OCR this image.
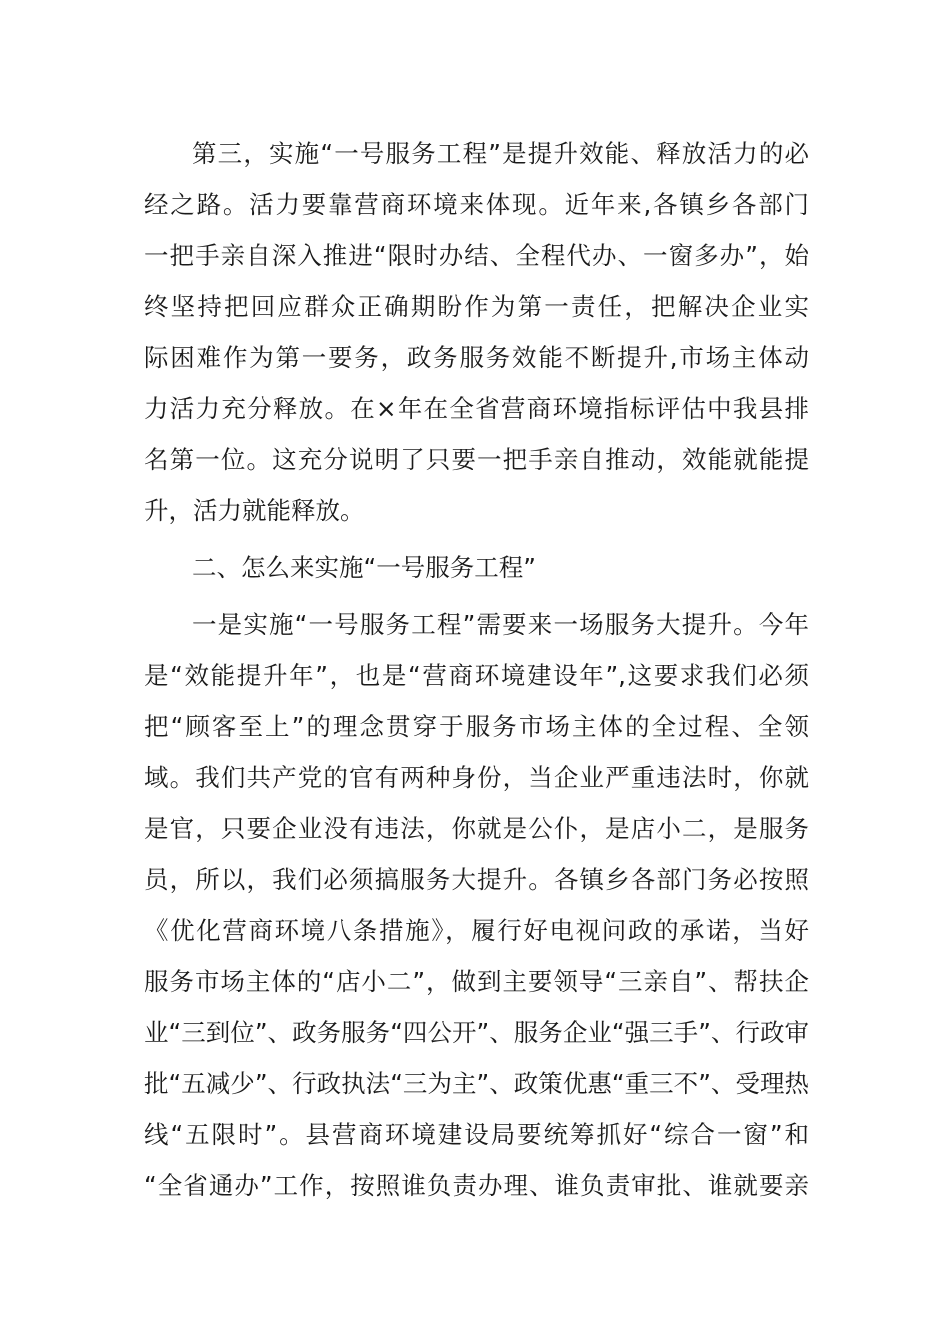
第三，实施“一号服务工程”是提升效能、释放活力的必
经之路。活力要靠营商环境来体现。近年来,各镇乡各部门
一把手亲自深入推进“限时办结、全程代办、一窗多办”，始
终坚持把回应群众正确期盼作为第一责任，把解决企业实
际困难作为第一要务，政务服务效能不断提升,市场主体动
力活力充分释放。在×年在全省营商环境指标评估中我县排
名第一位。这充分说明了只要一把手亲自推动，效能就能提
升，活力就能释放。
二、怎么来实施“一号服务工程”
一是实施“一号服务工程”需要来一场服务大提升。今年
是“效能提升年”，也是“营商环境建设年”,这要求我们必须
把“顾客至上”的理念贯穿于服务市场主体的全过程、全领
域。我们共产党的官有两种身份，当企业严重违法时，你就
是官，只要企业没有违法，你就是公仆，是店小二，是服务
员，所以，我们必须搞服务大提升。各镇乡各部门务必按照
《优化营商环境八条措施》，履行好电视问政的承诺，当好
服务市场主体的“店小二”，做到主要领导“三亲自”、帮扶企
业“三到位”、政务服务“四公开”、服务企业“强三手”、行政审
批“五减少”、行政执法“三为主”、政策优惠“重三不”、受理热
线“五限时”。县营商环境建设局要统筹抓好“综合一窗”和
“全省通办”工作，按照谁负责办理、谁负责审批、谁就要亲
